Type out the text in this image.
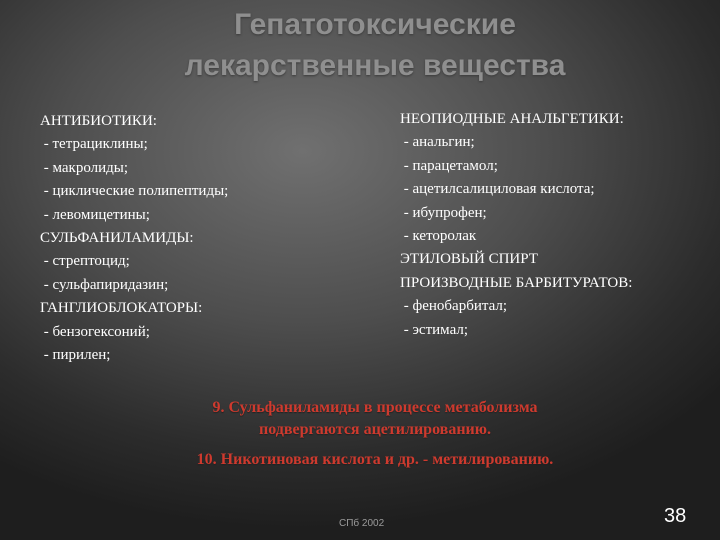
Гепатотоксические
лекарственные вещества
АНТИБИОТИКИ:
- тетрациклины;
- макролиды;
- циклические полипептиды;
- левомицетины;
СУЛЬФАНИЛАМИДЫ:
- стрептоцид;
- сульфапиридазин;
ГАНГЛИОБЛОКАТОРЫ:
- бензогексоний;
- пирилен;
НЕОПИОДНЫЕ АНАЛЬГЕТИКИ:
- анальгин;
- парацетамол;
- ацетилсалициловая кислота;
- ибупрофен;
- кеторолак
ЭТИЛОВЫЙ СПИРТ
ПРОИЗВОДНЫЕ БАРБИТУРАТОВ:
- фенобарбитал;
- эстимал;

9. Сульфаниламиды в процессе метаболизма
подвергаются ацетилированию.

10. Никотиновая кислота и др. - метилированию.

СПб 2002	38
